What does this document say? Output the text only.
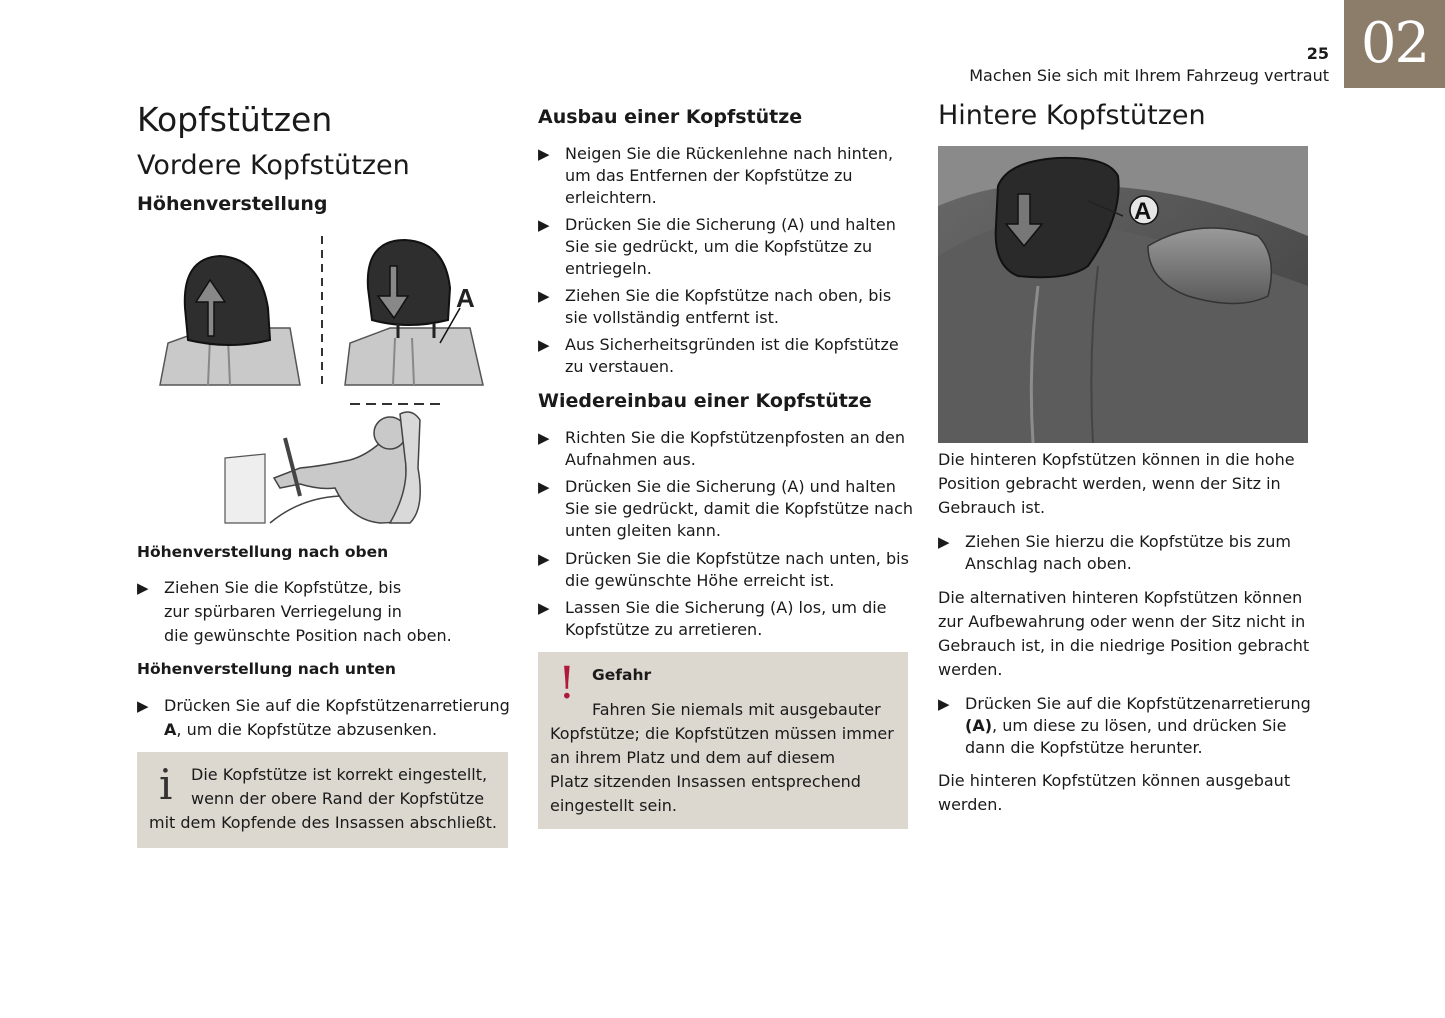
25
Machen Sie sich mit Ihrem Fahrzeug vertraut 02
Kopfstützen
Vordere Kopfstützen
Höhenverstellung
A
Höhenverstellung nach oben
▶ Ziehen Sie die Kopfstütze, bis
zur spürbaren Verriegelung in
die gewünschte Position nach oben.
Höhenverstellung nach unten
▶ Drücken Sie auf die Kopfstützenarretierung
A, um die Kopfstütze abzusenken.
i Die Kopfstütze ist korrekt eingestellt,
wenn der obere Rand der Kopfstütze
mit dem Kopfende des Insassen abschließt.
Ausbau einer Kopfstütze
▶ Neigen Sie die Rückenlehne nach hinten,
um das Entfernen der Kopfstütze zu
erleichtern.
▶ Drücken Sie die Sicherung (A) und halten
Sie sie gedrückt, um die Kopfstütze zu
entriegeln.
▶ Ziehen Sie die Kopfstütze nach oben, bis
sie vollständig entfernt ist.
▶ Aus Sicherheitsgründen ist die Kopfstütze
zu verstauen.
Wiedereinbau einer Kopfstütze
▶ Richten Sie die Kopfstützenpfosten an den
Aufnahmen aus.
▶ Drücken Sie die Sicherung (A) und halten
Sie sie gedrückt, damit die Kopfstütze nach
unten gleiten kann.
▶ Drücken Sie die Kopfstütze nach unten, bis
die gewünschte Höhe erreicht ist.
▶ Lassen Sie die Sicherung (A) los, um die
Kopfstütze zu arretieren.
! Gefahr
Fahren Sie niemals mit ausgebauter
Kopfstütze; die Kopfstützen müssen immer
an ihrem Platz und dem auf diesem
Platz sitzenden Insassen entsprechend
eingestellt sein.
Hintere Kopfstützen
A
Die hinteren Kopfstützen können in die hohe
Position gebracht werden, wenn der Sitz in
Gebrauch ist.
▶ Ziehen Sie hierzu die Kopfstütze bis zum
Anschlag nach oben.
Die alternativen hinteren Kopfstützen können
zur Aufbewahrung oder wenn der Sitz nicht in
Gebrauch ist, in die niedrige Position gebracht
werden.
▶ Drücken Sie auf die Kopfstützenarretierung
(A), um diese zu lösen, und drücken Sie
dann die Kopfstütze herunter.
Die hinteren Kopfstützen können ausgebaut
werden.
